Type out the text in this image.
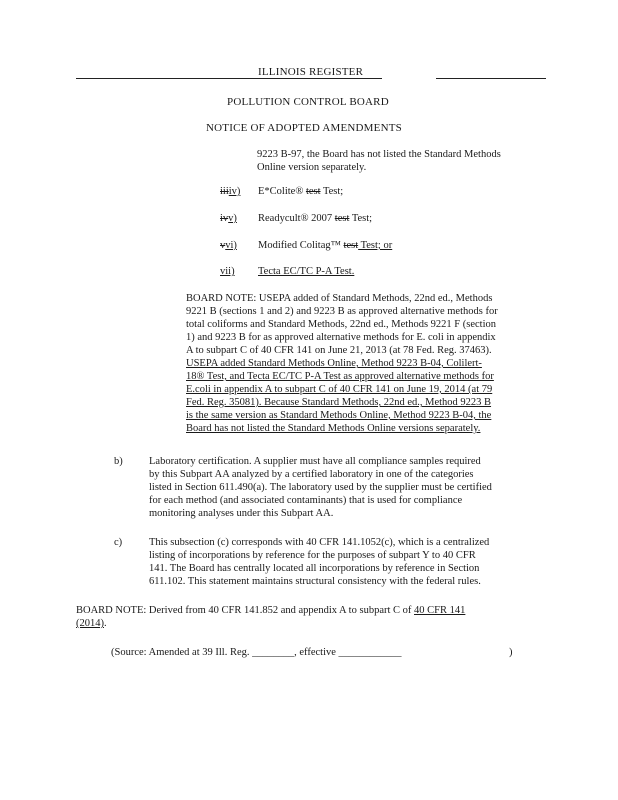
ILLINOIS REGISTER
POLLUTION CONTROL BOARD
NOTICE OF ADOPTED AMENDMENTS
9223 B-97, the Board has not listed the Standard Methods
Online version separately.
iiiiv) E*Colite® test Test;
ivv) Readycult® 2007 test Test;
vvi) Modified Colitag™ test Test; or
vii) Tecta EC/TC P-A Test.
BOARD NOTE: USEPA added of Standard Methods, 22nd ed., Methods
9221 B (sections 1 and 2) and 9223 B as approved alternative methods for
total coliforms and Standard Methods, 22nd ed., Methods 9221 F (section
1) and 9223 B for as approved alternative methods for E. coli in appendix
A to subpart C of 40 CFR 141 on June 21, 2013 (at 78 Fed. Reg. 37463).
USEPA added Standard Methods Online, Method 9223 B-04, Colilert-
18® Test, and Tecta EC/TC P-A Test as approved alternative methods for
E.coli in appendix A to subpart C of 40 CFR 141 on June 19, 2014 (at 79
Fed. Reg. 35081). Because Standard Methods, 22nd ed., Method 9223 B
is the same version as Standard Methods Online, Method 9223 B-04, the
Board has not listed the Standard Methods Online versions separately.
b)	Laboratory certification. A supplier must have all compliance samples required
by this Subpart AA analyzed by a certified laboratory in one of the categories
listed in Section 611.490(a). The laboratory used by the supplier must be certified
for each method (and associated contaminants) that is used for compliance
monitoring analyses under this Subpart AA.
c)	This subsection (c) corresponds with 40 CFR 141.1052(c), which is a centralized
listing of incorporations by reference for the purposes of subpart Y to 40 CFR
141. The Board has centrally located all incorporations by reference in Section
611.102. This statement maintains structural consistency with the federal rules.
BOARD NOTE: Derived from 40 CFR 141.852 and appendix A to subpart C of 40 CFR 141
(2014).
(Source: Amended at 39 Ill. Reg. ________, effective ____________	)
